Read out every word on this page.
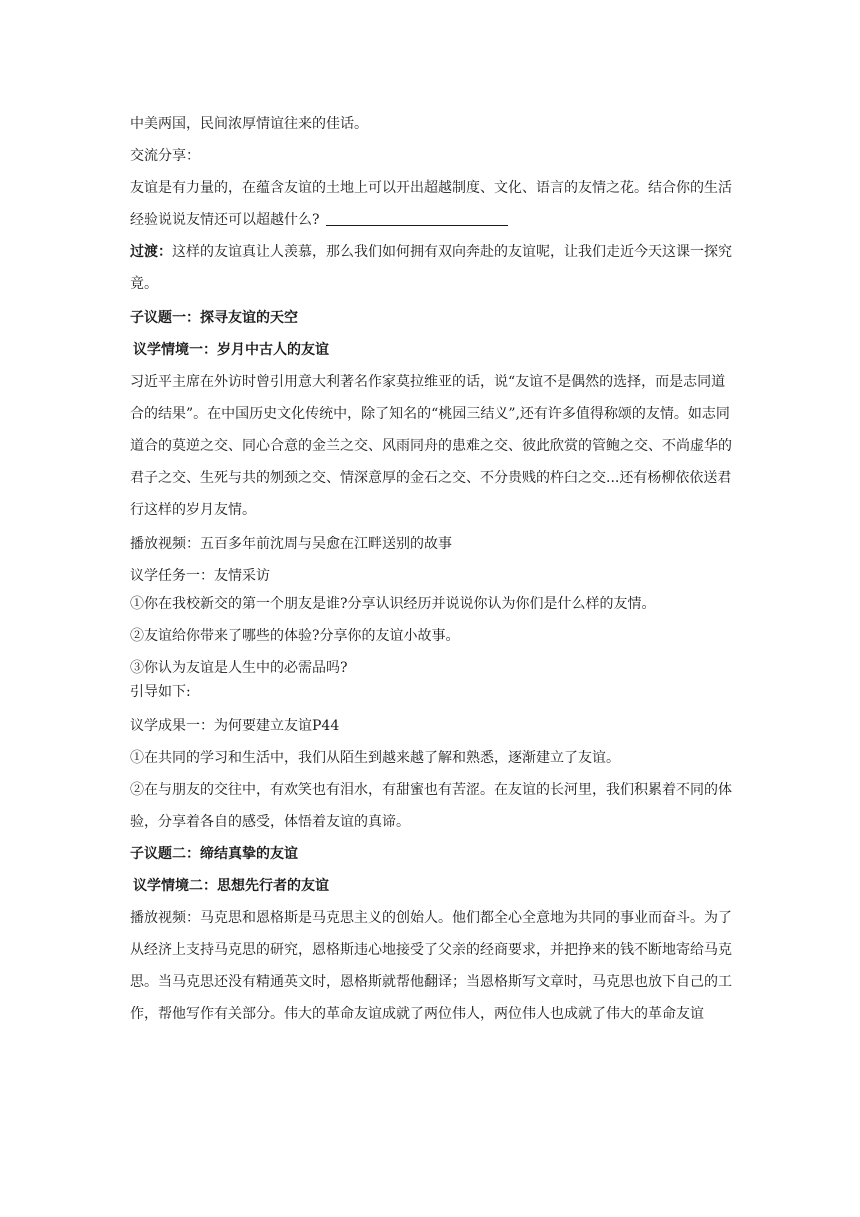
中美两国，民间浓厚情谊往来的佳话。

交流分享：

友谊是有力量的，在蕴含友谊的土地上可以开出超越制度、文化、语言的友情之花。结合你的生活经验说说友情还可以超越什么?

过渡：这样的友谊真让人羡慕，那么我们如何拥有双向奔赴的友谊呢，让我们走近今天这课一探究竟。

子议题一：探寻友谊的天空

议学情境一：岁月中古人的友谊

习近平主席在外访时曾引用意大利著名作家莫拉维亚的话，说“友谊不是偶然的选择，而是志同道合的结果”。在中国历史文化传统中，除了知名的“桃园三结义”,还有许多值得称颂的友情。如志同道合的莫逆之交、同心合意的金兰之交、风雨同舟的患难之交、彼此欣赏的管鲍之交、不尚虚华的君子之交、生死与共的刎颈之交、情深意厚的金石之交、不分贵贱的杵臼之交...还有杨柳依依送君行这样的岁月友情。

播放视频：五百多年前沈周与吴愈在江畔送别的故事

议学任务一：友情采访

①你在我校新交的第一个朋友是谁?分享认识经历并说说你认为你们是什么样的友情。

②友谊给你带来了哪些的体验?分享你的友谊小故事。

③你认为友谊是人生中的必需品吗?

引导如下:

议学成果一：为何要建立友谊P44

①在共同的学习和生活中，我们从陌生到越来越了解和熟悉，逐渐建立了友谊。

②在与朋友的交往中，有欢笑也有泪水，有甜蜜也有苦涩。在友谊的长河里，我们积累着不同的体验，分享着各自的感受，体悟着友谊的真谛。

子议题二：缔结真挚的友谊

议学情境二：思想先行者的友谊

播放视频：马克思和恩格斯是马克思主义的创始人。他们都全心全意地为共同的事业而奋斗。为了从经济上支持马克思的研究，恩格斯违心地接受了父亲的经商要求，并把挣来的钱不断地寄给马克思。当马克思还没有精通英文时，恩格斯就帮他翻译；当恩格斯写文章时，马克思也放下自己的工作，帮他写作有关部分。伟大的革命友谊成就了两位伟人，两位伟人也成就了伟大的革命友谊
